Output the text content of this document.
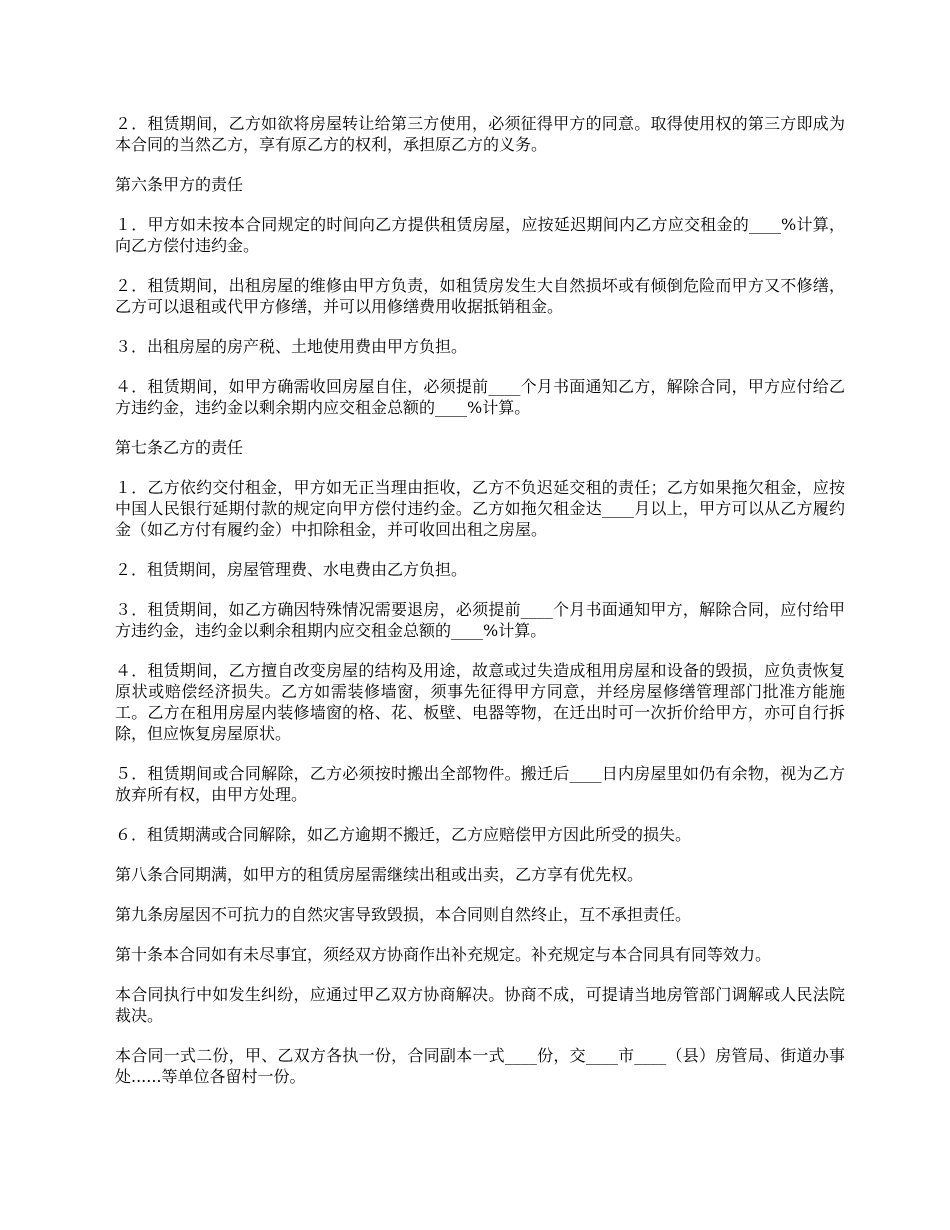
２．租赁期间，乙方如欲将房屋转让给第三方使用，必须征得甲方的同意。取得使用权的第三方即成为本合同的当然乙方，享有原乙方的权利，承担原乙方的义务。

第六条甲方的责任

１．甲方如未按本合同规定的时间向乙方提供租赁房屋，应按延迟期间内乙方应交租金的____%计算，向乙方偿付违约金。

２．租赁期间，出租房屋的维修由甲方负责，如租赁房发生大自然损坏或有倾倒危险而甲方又不修缮，乙方可以退租或代甲方修缮，并可以用修缮费用收据抵销租金。

３．出租房屋的房产税、土地使用费由甲方负担。

４．租赁期间，如甲方确需收回房屋自住，必须提前____个月书面通知乙方，解除合同，甲方应付给乙方违约金，违约金以剩余期内应交租金总额的____%计算。

第七条乙方的责任

１．乙方依约交付租金，甲方如无正当理由拒收，乙方不负迟延交租的责任；乙方如果拖欠租金，应按中国人民银行延期付款的规定向甲方偿付违约金。乙方如拖欠租金达____月以上，甲方可以从乙方履约金（如乙方付有履约金）中扣除租金，并可收回出租之房屋。

２．租赁期间，房屋管理费、水电费由乙方负担。

３．租赁期间，如乙方确因特殊情况需要退房，必须提前____个月书面通知甲方，解除合同，应付给甲方违约金，违约金以剩余租期内应交租金总额的____%计算。

４．租赁期间，乙方擅自改变房屋的结构及用途，故意或过失造成租用房屋和设备的毁损，应负责恢复原状或赔偿经济损失。乙方如需装修墙窗，须事先征得甲方同意，并经房屋修缮管理部门批准方能施工。乙方在租用房屋内装修墙窗的格、花、板壁、电器等物，在迁出时可一次折价给甲方，亦可自行拆除，但应恢复房屋原状。

５．租赁期间或合同解除，乙方必须按时搬出全部物件。搬迁后____日内房屋里如仍有余物，视为乙方放弃所有权，由甲方处理。

６．租赁期满或合同解除，如乙方逾期不搬迁，乙方应赔偿甲方因此所受的损失。

第八条合同期满，如甲方的租赁房屋需继续出租或出卖，乙方享有优先权。

第九条房屋因不可抗力的自然灾害导致毁损，本合同则自然终止，互不承担责任。

第十条本合同如有未尽事宜，须经双方协商作出补充规定。补充规定与本合同具有同等效力。

本合同执行中如发生纠纷，应通过甲乙双方协商解决。协商不成，可提请当地房管部门调解或人民法院裁决。

本合同一式二份，甲、乙双方各执一份，合同副本一式____份，交____市____（县）房管局、街道办事处......等单位各留村一份。
